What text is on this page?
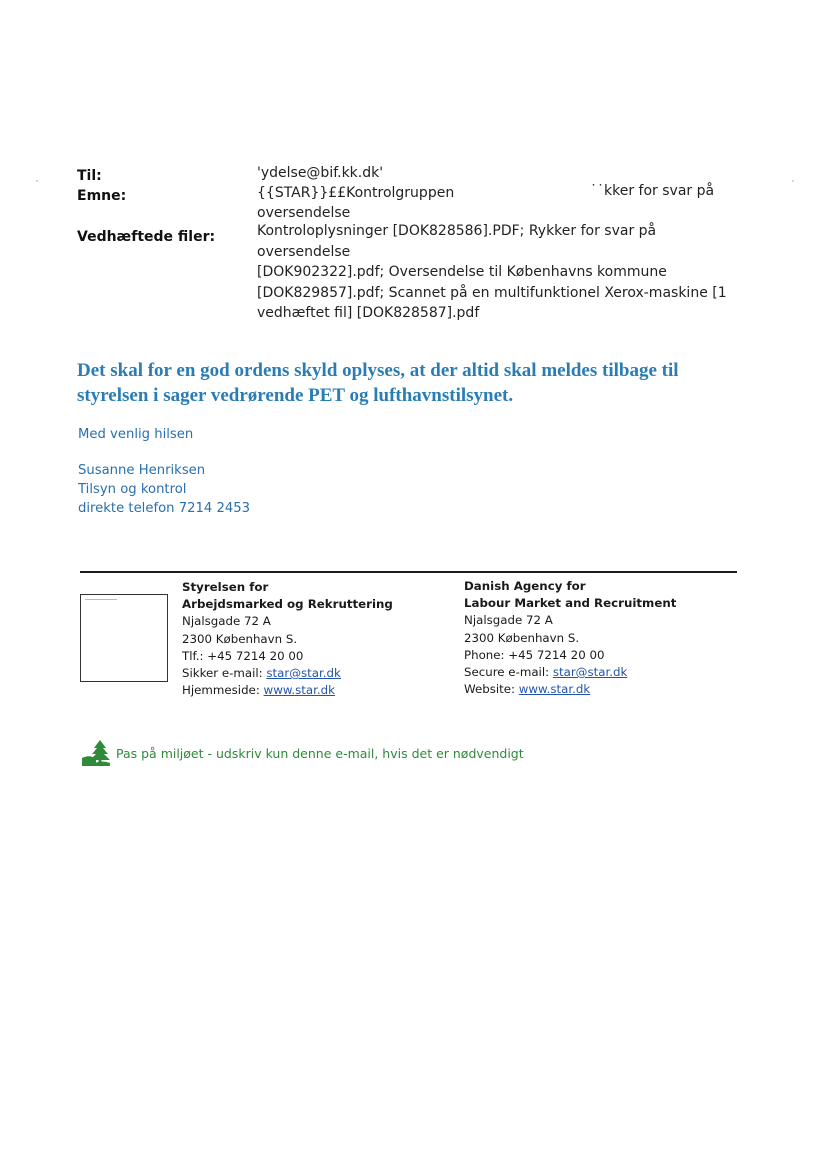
Til:	'ydelse@bif.kk.dk'
Emne:	{{STAR}}££Kontrolgruppen	˙˙kker for svar på
oversendelse
Vedhæftede filer:	Kontroloplysninger [DOK828586].PDF; Rykker for svar på oversendelse
[DOK902322].pdf; Oversendelse til Københavns kommune
[DOK829857].pdf; Scannet på en multifunktionel Xerox-maskine [1
vedhæftet fil] [DOK828587].pdf
Det skal for en god ordens skyld oplyses, at der altid skal meldes tilbage til
styrelsen i sager vedrørende PET og lufthavnstilsynet.
Med venlig hilsen
Susanne Henriksen
Tilsyn og kontrol
direkte telefon 7214 2453
Styrelsen for
Arbejdsmarked og Rekruttering
Njalsgade 72 A
2300 København S.
Tlf.: +45 7214 20 00
Sikker e-mail: star@star.dk
Hjemmeside: www.star.dk
Danish Agency for
Labour Market and Recruitment
Njalsgade 72 A
2300 København S.
Phone: +45 7214 20 00
Secure e-mail: star@star.dk
Website: www.star.dk
Pas på miljøet - udskriv kun denne e-mail, hvis det er nødvendigt
